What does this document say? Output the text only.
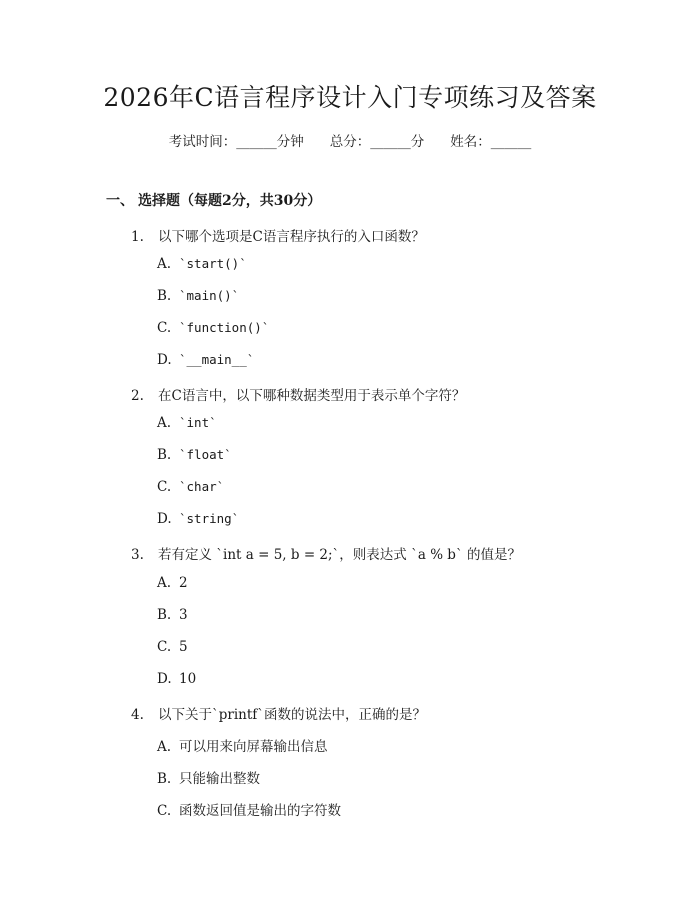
2026年C语言程序设计入门专项练习及答案
考试时间：______分钟 总分：______分 姓名：______
一、 选择题（每题2分，共30分）
1. 以下哪个选项是C语言程序执行的入口函数？
A. `start()`
B. `main()`
C. `function()`
D. `__main__`
2. 在C语言中，以下哪种数据类型用于表示单个字符？
A. `int`
B. `float`
C. `char`
D. `string`
3. 若有定义 `int a = 5, b = 2;`，则表达式 `a % b` 的值是？
A. 2
B. 3
C. 5
D. 10
4. 以下关于`printf`函数的说法中，正确的是？
A. 可以用来向屏幕输出信息
B. 只能输出整数
C. 函数返回值是输出的字符数
